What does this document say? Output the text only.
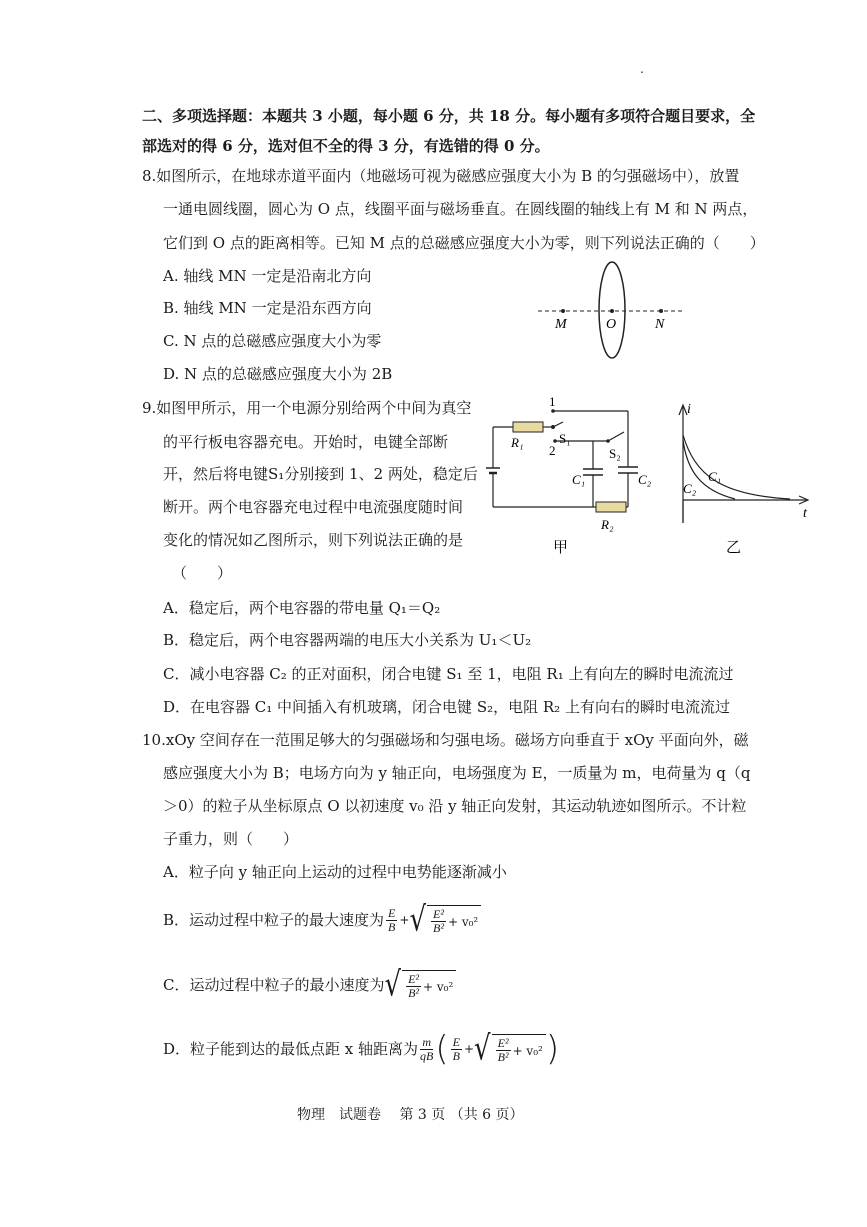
.
二、多项选择题：本题共 3 小题，每小题 6 分，共 18 分。每小题有多项符合题目要求，全
部选对的得 6 分，选对但不全的得 3 分，有选错的得 0 分。
8.如图所示，在地球赤道平面内（地磁场可视为磁感应强度大小为 B 的匀强磁场中），放置
一通电圆线圈，圆心为 O 点，线圈平面与磁场垂直。在圆线圈的轴线上有 M 和 N 两点，
它们到 O 点的距离相等。已知 M 点的总磁感应强度大小为零，则下列说法正确的（　　）
A. 轴线 MN 一定是沿南北方向
B. 轴线 MN 一定是沿东西方向
C. N 点的总磁感应强度大小为零
D. N 点的总磁感应强度大小为 2B
M	O	N
9.如图甲所示，用一个电源分别给两个中间为真空
的平行板电容器充电。开始时，电键全部断
开，然后将电键S₁分别接到 1、2 两处，稳定后
断开。两个电容器充电过程中电流强度随时间
变化的情况如乙图所示，则下列说法正确的是
（　　）
1
R₁	S₁
2	S₂
C₁	C₂
R₂
甲
i
t
C₁
C₂
乙
A．稳定后，两个电容器的带电量 Q₁＝Q₂
B．稳定后，两个电容器两端的电压大小关系为 U₁＜U₂
C．减小电容器 C₂ 的正对面积，闭合电键 S₁ 至 1，电阻 R₁ 上有向左的瞬时电流流过
D．在电容器 C₁ 中间插入有机玻璃，闭合电键 S₂，电阻 R₂ 上有向右的瞬时电流流过
10.xOy 空间存在一范围足够大的匀强磁场和匀强电场。磁场方向垂直于 xOy 平面向外，磁
感应强度大小为 B；电场方向为 y 轴正向，电场强度为 E，一质量为 m，电荷量为 q（q
＞0）的粒子从坐标原点 O 以初速度 v₀ 沿 y 轴正向发射，其运动轨迹如图所示。不计粒
子重力，则（　　）
A．粒子向 y 轴正向上运动的过程中电势能逐渐减小
B．运动过程中粒子的最大速度为 $\frac{E}{B}$ + √ $\frac{\text{E²}}{\text{B²}} + v_0^2$
C．运动过程中粒子的最小速度为 √ $\frac{\text{E²}}{\text{B²}} + v_0^2$
D．粒子能到达的最低点距 x 轴距离为 $\frac{m}{qB}$ ( $\frac{E}{B}$ + √ $\frac{\text{E²}}{\text{B²}} + v_0^2$ )
物理　试题卷　 第 3 页 （共 6 页）
